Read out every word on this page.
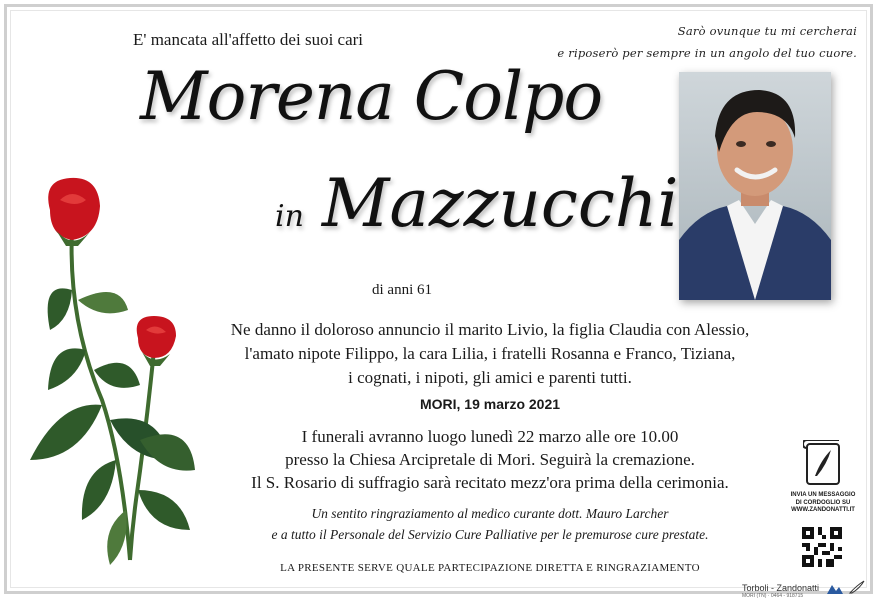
E' mancata all'affetto dei suoi cari	Sarò ovunque tu mi cercherai
e riposerò per sempre in un angolo del tuo cuore.
Morena Colpo
in Mazzucchi
di anni 61
Ne danno il doloroso annuncio il marito Livio, la figlia Claudia con Alessio,
l'amato nipote Filippo, la cara Lilia, i fratelli Rosanna e Franco, Tiziana,
i cognati, i nipoti, gli amici e parenti tutti.
MORI, 19 marzo 2021
I funerali avranno luogo lunedì 22 marzo alle ore 10.00
presso la Chiesa Arcipretale di Mori. Seguirà la cremazione.
Il S. Rosario di suffragio sarà recitato mezz'ora prima della cerimonia.
Un sentito ringraziamento al medico curante dott. Mauro Larcher
e a tutto il Personale del Servizio Cure Palliative per le premurose cure prestate.
LA PRESENTE SERVE QUALE PARTECIPAZIONE DIRETTA E RINGRAZIAMENTO
INVIA UN MESSAGGIO
DI CORDOGLIO SU
WWW.ZANDONATTI.IT
Torboli - Zandonatti
MORI (TN) · 0464 - 918715
